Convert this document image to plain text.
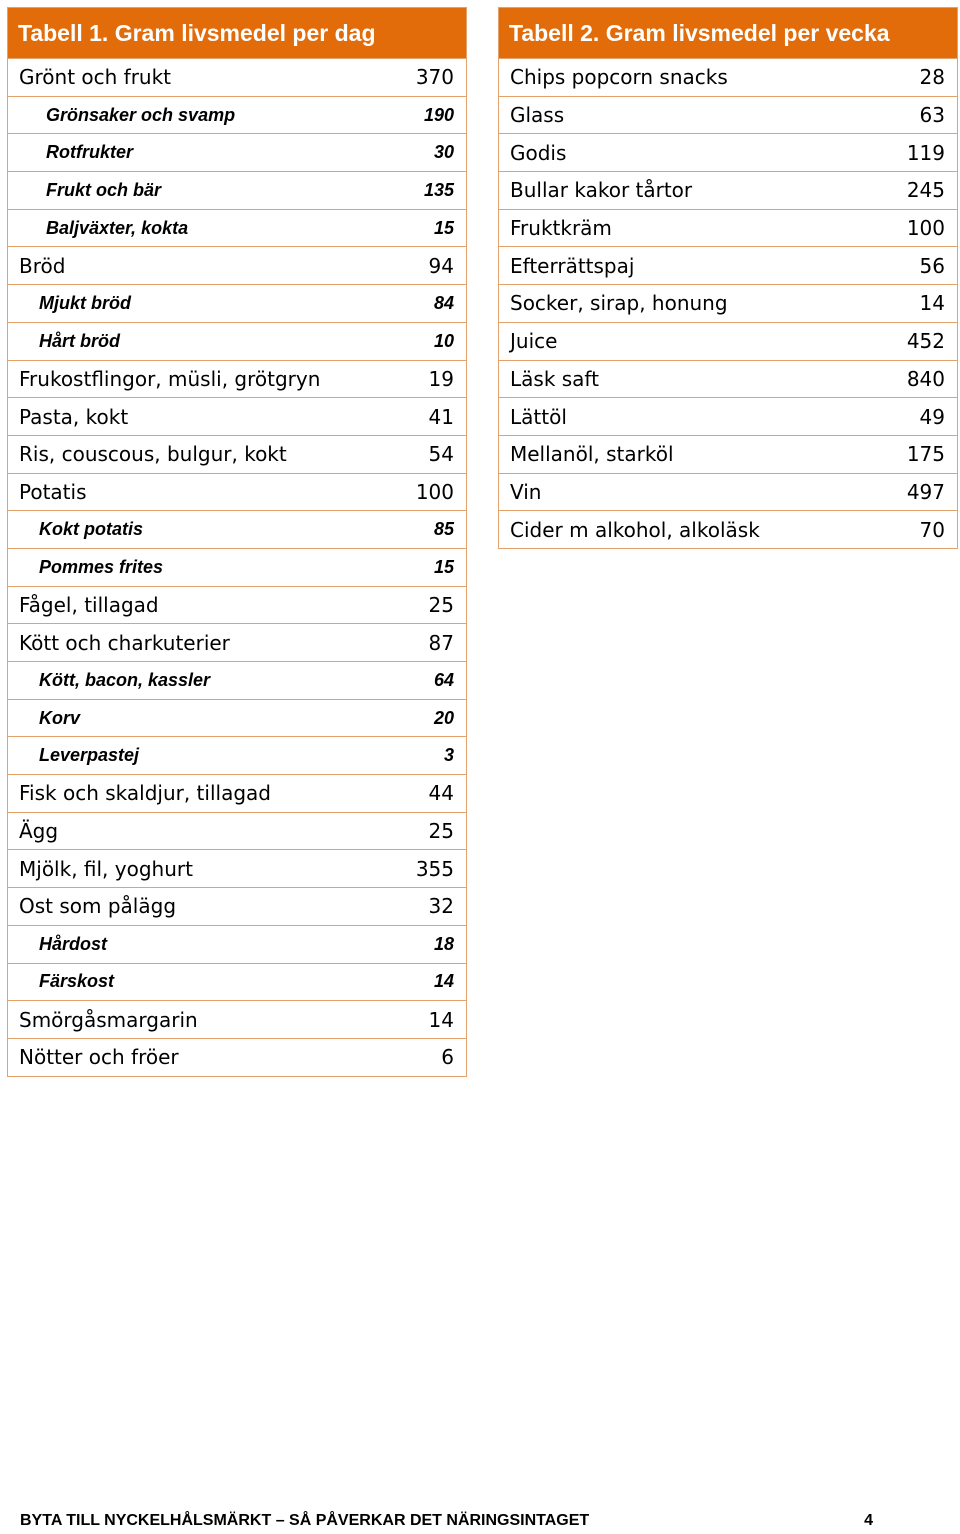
Tabell 1. Gram livsmedel per dag
Grönt och frukt	370
Grönsaker och svamp	190
Rotfrukter	30
Frukt och bär	135
Baljväxter, kokta	15
Bröd	94
Mjukt bröd	84
Hårt bröd	10
Frukostflingor, müsli, grötgryn	19
Pasta, kokt	41
Ris, couscous, bulgur, kokt	54
Potatis	100
Kokt potatis	85
Pommes frites	15
Fågel, tillagad	25
Kött och charkuterier	87
Kött, bacon, kassler	64
Korv	20
Leverpastej	3
Fisk och skaldjur, tillagad	44
Ägg	25
Mjölk, fil, yoghurt	355
Ost som pålägg	32
Hårdost	18
Färskost	14
Smörgåsmargarin	14
Nötter och fröer	6
Tabell 2. Gram livsmedel per vecka
Chips popcorn snacks	28
Glass	63
Godis	119
Bullar kakor tårtor	245
Fruktkräm	100
Efterrättspaj	56
Socker, sirap, honung	14
Juice	452
Läsk saft	840
Lättöl	49
Mellanöl, starköl	175
Vin	497
Cider m alkohol, alkoläsk	70
BYTA TILL NYCKELHÅLSMÄRKT – SÅ PÅVERKAR DET NÄRINGSINTAGET	4
